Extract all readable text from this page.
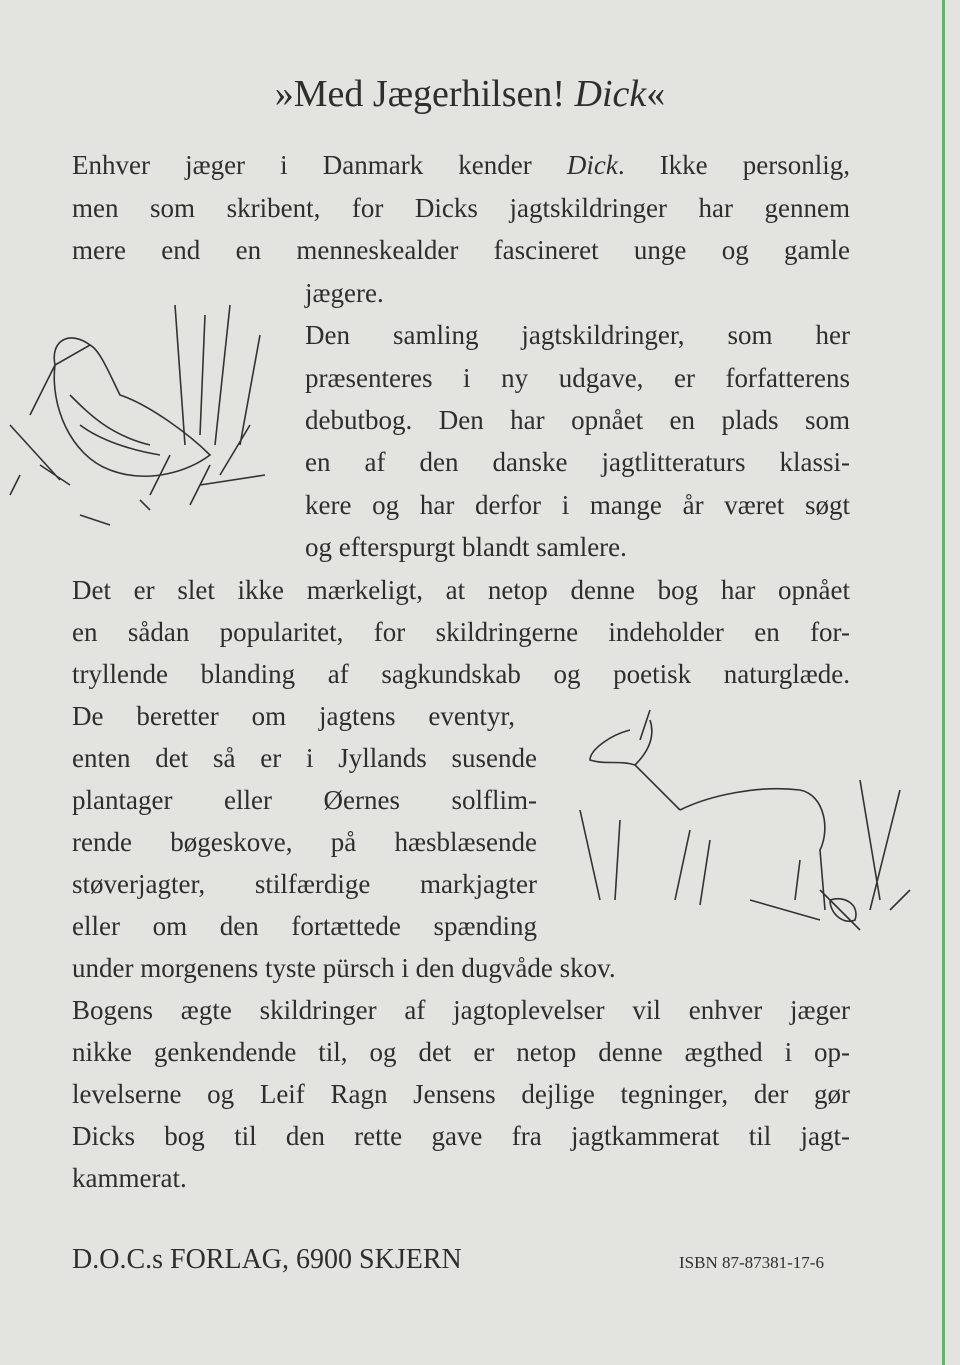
»Med Jægerhilsen! Dick«
Enhver jæger i Danmark kender Dick. Ikke personlig,
men som skribent, for Dicks jagtskildringer har gennem
mere end en menneskealder fascineret unge og gamle
jægere.
Den samling jagtskildringer, som her
præsenteres i ny udgave, er forfatterens
debutbog. Den har opnået en plads som
en af den danske jagtlitteraturs klassi-
kere og har derfor i mange år været søgt
og efterspurgt blandt samlere.
Det er slet ikke mærkeligt, at netop denne bog har opnået
en sådan popularitet, for skildringerne indeholder en for-
tryllende blanding af sagkundskab og poetisk naturglæde.
De beretter om jagtens eventyr,
enten det så er i Jyllands susende
plantager eller Øernes solflim-
rende bøgeskove, på hæsblæsende
støverjagter, stilfærdige markjagter
eller om den fortættede spænding
under morgenens tyste pürsch i den dugvåde skov.
Bogens ægte skildringer af jagtoplevelser vil enhver jæger
nikke genkendende til, og det er netop denne ægthed i op-
levelserne og Leif Ragn Jensens dejlige tegninger, der gør
Dicks bog til den rette gave fra jagtkammerat til jagt-
kammerat.
D.O.C.s FORLAG, 6900 SKJERN	ISBN 87-87381-17-6
